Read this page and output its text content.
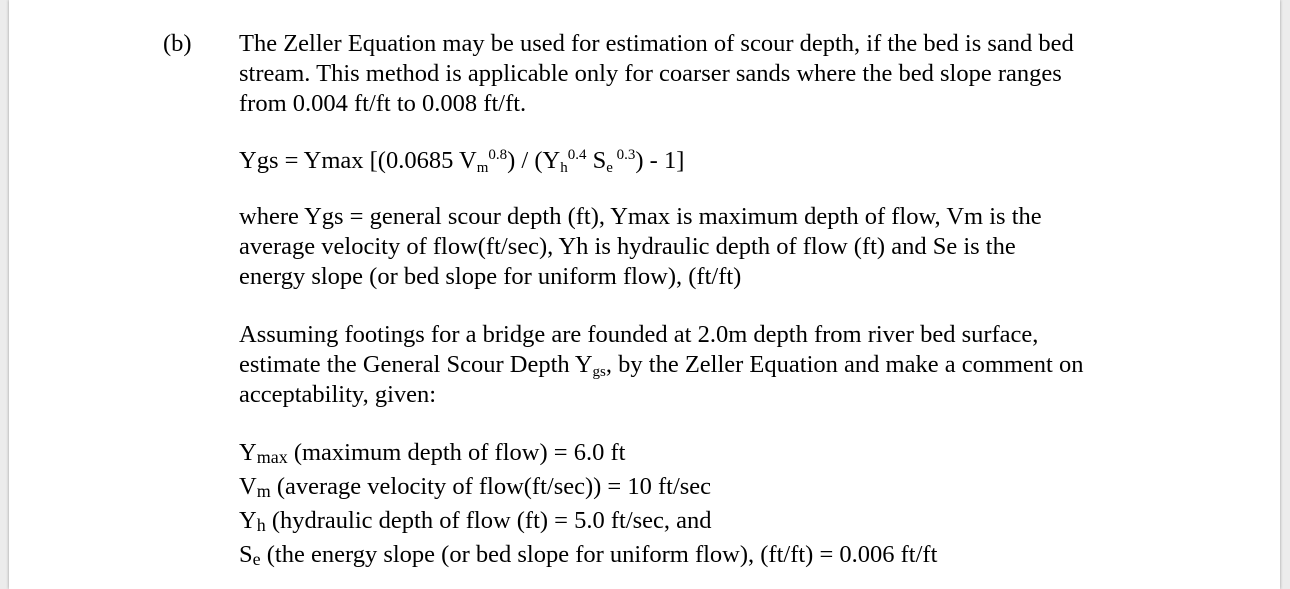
(b) The Zeller Equation may be used for estimation of scour depth, if the bed is sand bed
stream. This method is applicable only for coarser sands where the bed slope ranges
from 0.004 ft/ft to 0.008 ft/ft.
Ygs = Ymax [(0.0685 $V_m^{0.8}) / (Y_h^{0.4}$ $S_e$ $^{0.3}$) - 1]
where Ygs = general scour depth (ft), Ymax is maximum depth of flow, Vm is the
average velocity of flow(ft/sec), Yh is hydraulic depth of flow (ft) and Se is the
energy slope (or bed slope for uniform flow), (ft/ft)
Assuming footings for a bridge are founded at 2.0m depth from river bed surface,
estimate the General Scour Depth $Y_{gs}$, by the Zeller Equation and make a comment on
acceptability, given:
Ymax (maximum depth of flow) = 6.0 ft
Vm (average velocity of flow(ft/sec)) = 10 ft/sec
Yh (hydraulic depth of flow (ft) = 5.0 ft/sec, and
Se (the energy slope (or bed slope for uniform flow), (ft/ft) = 0.006 ft/ft
